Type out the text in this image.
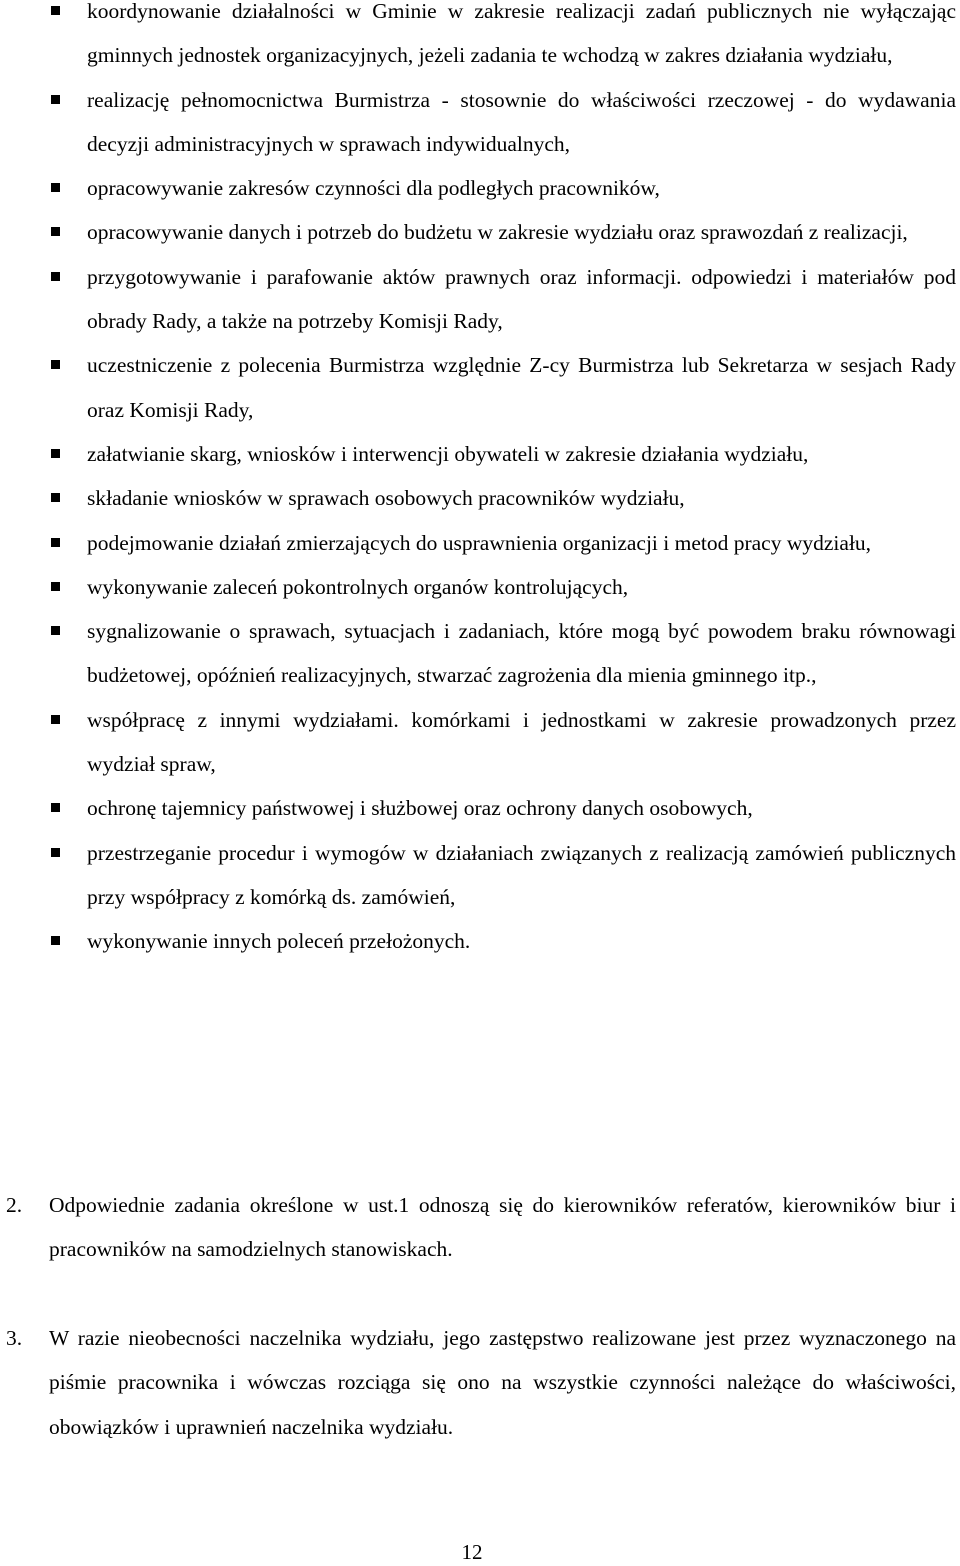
koordynowanie działalności w Gminie w zakresie realizacji zadań publicznych nie wyłączając gminnych jednostek organizacyjnych, jeżeli zadania te wchodzą w zakres działania wydziału,
realizację pełnomocnictwa Burmistrza - stosownie do właściwości rzeczowej - do wydawania decyzji administracyjnych w sprawach indywidualnych,
opracowywanie zakresów czynności dla podległych pracowników,
opracowywanie danych i potrzeb do budżetu w zakresie wydziału oraz sprawozdań z realizacji,
przygotowywanie i parafowanie aktów prawnych oraz informacji. odpowiedzi i materiałów pod obrady Rady, a także na potrzeby Komisji Rady,
uczestniczenie z polecenia Burmistrza względnie Z-cy Burmistrza lub Sekretarza w sesjach Rady oraz Komisji Rady,
załatwianie skarg, wniosków i interwencji obywateli w zakresie działania wydziału,
składanie wniosków w sprawach osobowych pracowników wydziału,
podejmowanie działań zmierzających do usprawnienia organizacji i metod pracy wydziału,
wykonywanie zaleceń pokontrolnych organów kontrolujących,
sygnalizowanie o sprawach, sytuacjach i zadaniach, które mogą być powodem braku równowagi budżetowej, opóźnień realizacyjnych, stwarzać zagrożenia dla mienia gminnego itp.,
współpracę z innymi wydziałami. komórkami i jednostkami w zakresie prowadzonych przez wydział spraw,
ochronę tajemnicy państwowej i służbowej oraz ochrony danych osobowych,
przestrzeganie procedur i wymogów w działaniach związanych z realizacją zamówień publicznych przy współpracy z komórką ds. zamówień,
wykonywanie innych poleceń przełożonych.
2.	Odpowiednie zadania określone w ust.1 odnoszą się do kierowników referatów, kierowników biur i pracowników na samodzielnych stanowiskach.
3.	W razie nieobecności naczelnika wydziału, jego zastępstwo realizowane jest przez wyznaczonego na piśmie pracownika i wówczas rozciąga się ono na wszystkie czynności należące do właściwości, obowiązków i uprawnień naczelnika wydziału.
12
